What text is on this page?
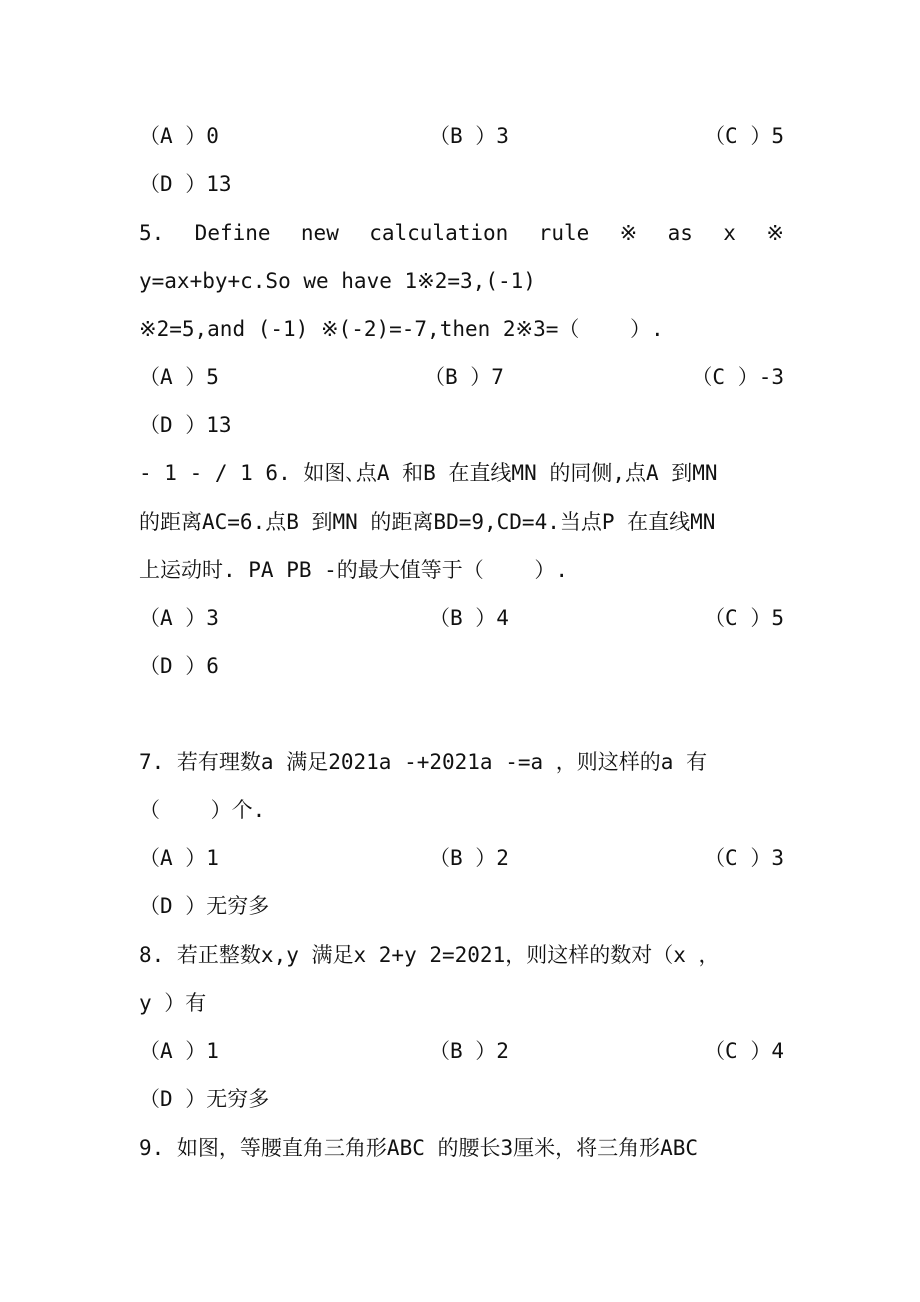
（A ）0

	（B ）3

	（C ）5

（D ）13
5. Define new calculation rule ※ as x ※
y=ax+by+c.So we have 1※2=3,(-1)
※2=5,and (-1) ※(-2)=-7,then 2※3=（    ）.

（A ）5

	（B ）7

	（C ）-3

（D ）13
- 1 - / 1 6. 如图､点A 和B 在直线MN 的同侧,点A 到MN
的距离AC=6.点B 到MN 的距离BD=9,CD=4.当点P 在直线MN
上运动时. PA PB -的最大值等于（    ）.

（A ）3

	（B ）4

	（C ）5

（D ）6
7. 若有理数a 满足2021a -+2021a -=a ，则这样的a 有
（    ）个.

（A ）1

	（B ）2

	（C ）3

（D ）无穷多
8. 若正整数x,y 满足x 2+y 2=2021，则这样的数对（x ，
y ）有

（A ）1

	（B ）2

	（C ）4

（D ）无穷多
9. 如图，等腰直角三角形ABC 的腰长3厘米，将三角形ABC
